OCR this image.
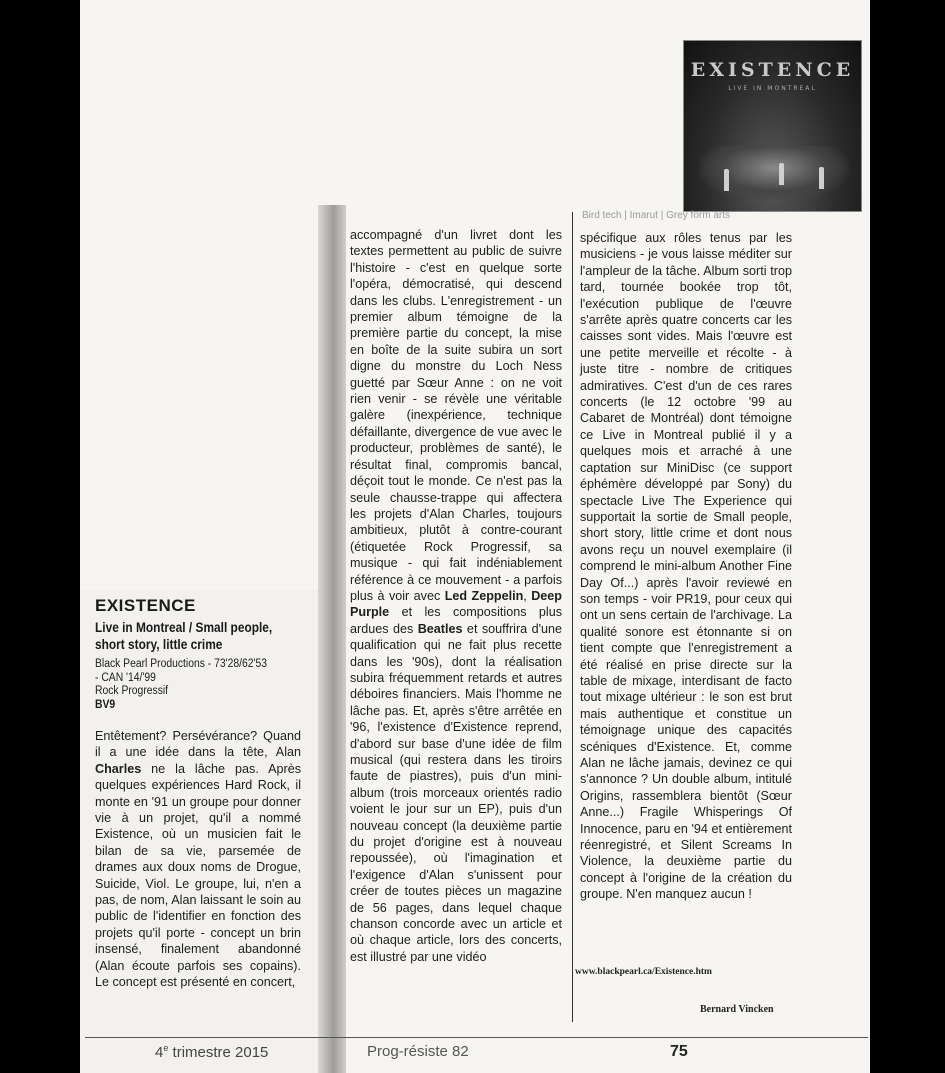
EXISTENCE
LIVE IN MONTREAL
Bird tech | Imarut | Grey form arts
EXISTENCE
Live in Montreal / Small people,
short story, little crime
Black Pearl Productions - 73'28/62'53
- CAN '14/'99
Rock Progressif
BV9
Entêtement? Persévérance? Quand il a une idée dans la tête, Alan Charles ne la lâche pas. Après quelques expériences Hard Rock, il monte en '91 un groupe pour donner vie à un projet, qu'il a nommé Existence, où un musicien fait le bilan de sa vie, parsemée de drames aux doux noms de Drogue, Suicide, Viol. Le groupe, lui, n'en a pas, de nom, Alan laissant le soin au public de l'identifier en fonction des projets qu'il porte - concept un brin insensé, finalement abandonné (Alan écoute parfois ses copains). Le concept est présenté en concert,
accompagné d'un livret dont les textes permettent au public de suivre l'histoire - c'est en quelque sorte l'opéra, démocratisé, qui descend dans les clubs. L'enregistrement - un premier album témoigne de la première partie du concept, la mise en boîte de la suite subira un sort digne du monstre du Loch Ness guetté par Sœur Anne : on ne voit rien venir - se révèle une véritable galère (inexpérience, technique défaillante, divergence de vue avec le producteur, problèmes de santé), le résultat final, compromis bancal, déçoit tout le monde. Ce n'est pas la seule chausse-trappe qui affectera les projets d'Alan Charles, toujours ambitieux, plutôt à contre-courant (étiquetée Rock Progressif, sa musique - qui fait indéniablement référence à ce mouvement - a parfois plus à voir avec Led Zeppelin, Deep Purple et les compositions plus ardues des Beatles et souffrira d'une qualification qui ne fait plus recette dans les '90s), dont la réalisation subira fréquemment retards et autres déboires financiers. Mais l'homme ne lâche pas. Et, après s'être arrêtée en '96, l'existence d'Existence reprend, d'abord sur base d'une idée de film musical (qui restera dans les tiroirs faute de piastres), puis d'un mini-album (trois morceaux orientés radio voient le jour sur un EP), puis d'un nouveau concept (la deuxième partie du projet d'origine est à nouveau repoussée), où l'imagination et l'exigence d'Alan s'unissent pour créer de toutes pièces un magazine de 56 pages, dans lequel chaque chanson concorde avec un article et où chaque article, lors des concerts, est illustré par une vidéo
spécifique aux rôles tenus par les musiciens - je vous laisse méditer sur l'ampleur de la tâche. Album sorti trop tard, tournée bookée trop tôt, l'exécution publique de l'œuvre s'arrête après quatre concerts car les caisses sont vides. Mais l'œuvre est une petite merveille et récolte - à juste titre - nombre de critiques admiratives. C'est d'un de ces rares concerts (le 12 octobre '99 au Cabaret de Montréal) dont témoigne ce Live in Montreal publié il y a quelques mois et arraché à une captation sur MiniDisc (ce support éphémère développé par Sony) du spectacle Live The Experience qui supportait la sortie de Small people, short story, little crime et dont nous avons reçu un nouvel exemplaire (il comprend le mini-album Another Fine Day Of...) après l'avoir reviewé en son temps - voir PR19, pour ceux qui ont un sens certain de l'archivage. La qualité sonore est étonnante si on tient compte que l'enregistrement a été réalisé en prise directe sur la table de mixage, interdisant de facto tout mixage ultérieur : le son est brut mais authentique et constitue un témoignage unique des capacités scéniques d'Existence. Et, comme Alan ne lâche jamais, devinez ce qui s'annonce ? Un double album, intitulé Origins, rassemblera bientôt (Sœur Anne...) Fragile Whisperings Of Innocence, paru en '94 et entièrement réenregistré, et Silent Screams In Violence, la deuxième partie du concept à l'origine de la création du groupe. N'en manquez aucun !
www.blackpearl.ca/Existence.htm
Bernard Vincken
4e trimestre 2015	Prog-résiste 82	75
